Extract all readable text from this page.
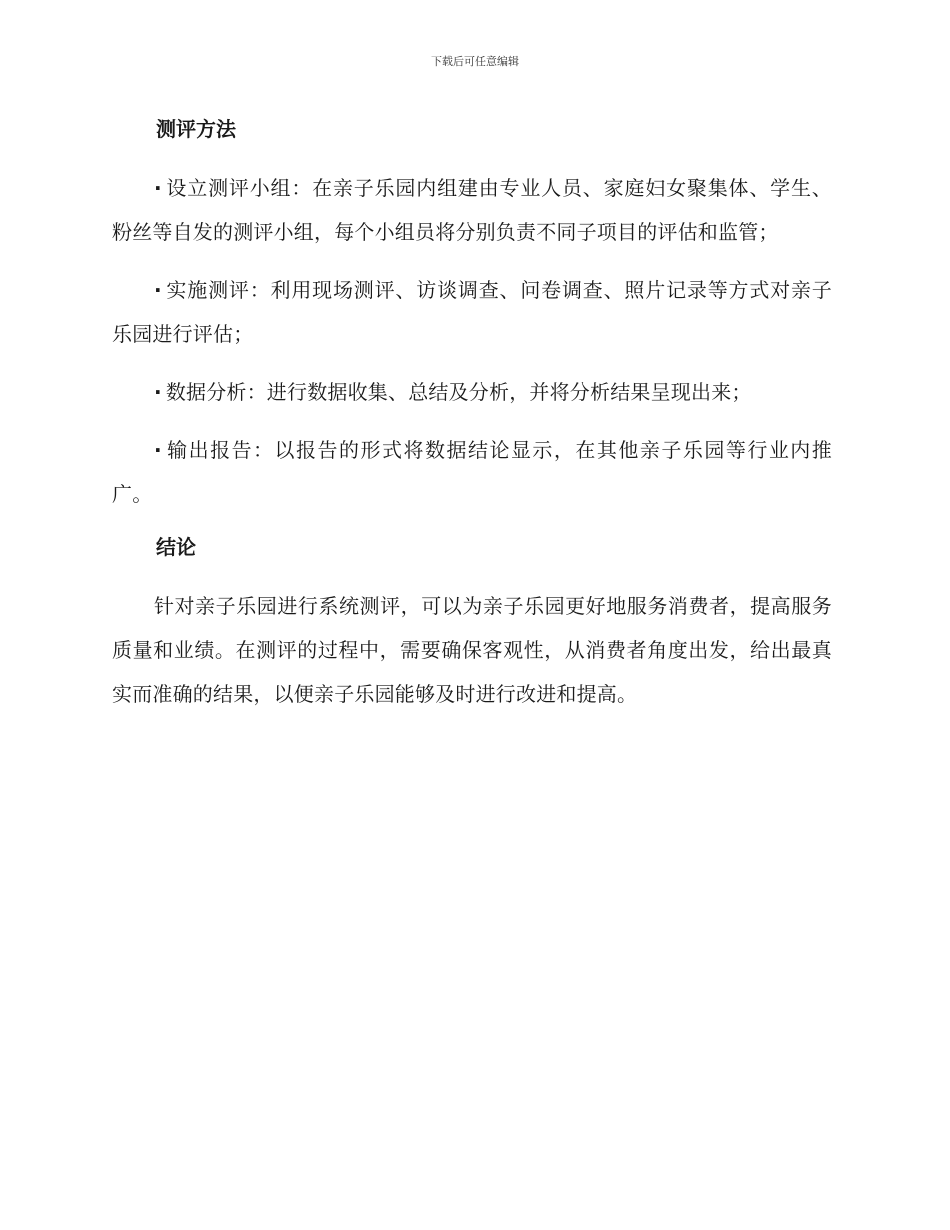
下载后可任意编辑
测评方法

· 设立测评小组：在亲子乐园内组建由专业人员、家庭妇女聚集体、学生、粉丝等自发的测评小组，每个小组员将分别负责不同子项目的评估和监管；

· 实施测评：利用现场测评、访谈调查、问卷调查、照片记录等方式对亲子乐园进行评估；

· 数据分析：进行数据收集、总结及分析，并将分析结果呈现出来；

· 输出报告：以报告的形式将数据结论显示，在其他亲子乐园等行业内推广。

结论

针对亲子乐园进行系统测评，可以为亲子乐园更好地服务消费者，提高服务质量和业绩。在测评的过程中，需要确保客观性，从消费者角度出发，给出最真实而准确的结果，以便亲子乐园能够及时进行改进和提高。
